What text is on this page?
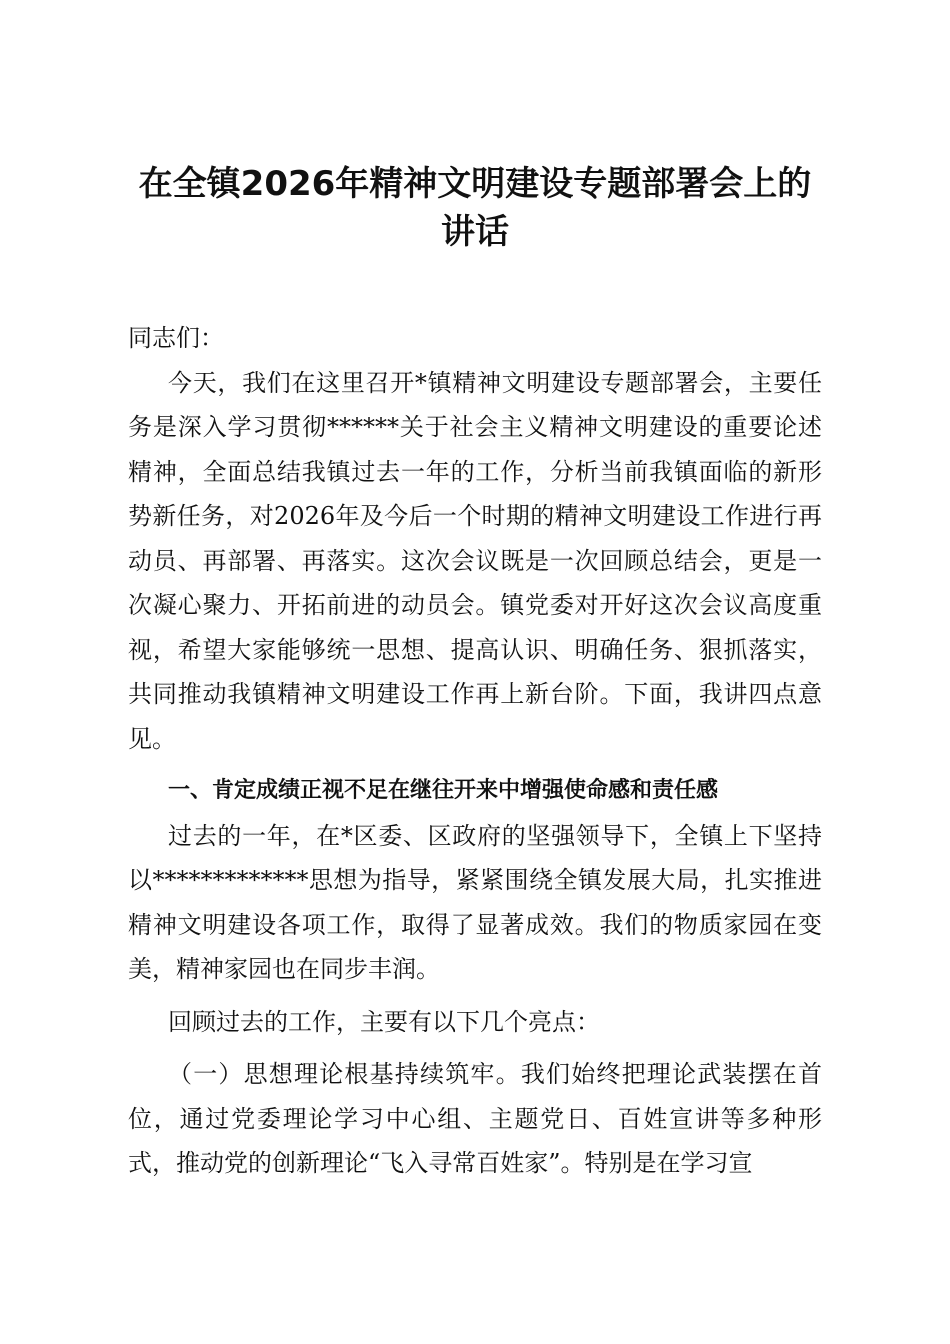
在全镇2026年精神文明建设专题部署会上的讲话

同志们：

今天，我们在这里召开*镇精神文明建设专题部署会，主要任务是深入学习贯彻******关于社会主义精神文明建设的重要论述精神，全面总结我镇过去一年的工作，分析当前我镇面临的新形势新任务，对2026年及今后一个时期的精神文明建设工作进行再动员、再部署、再落实。这次会议既是一次回顾总结会，更是一次凝心聚力、开拓前进的动员会。镇党委对开好这次会议高度重视，希望大家能够统一思想、提高认识、明确任务、狠抓落实，共同推动我镇精神文明建设工作再上新台阶。下面，我讲四点意见。

一、肯定成绩正视不足在继往开来中增强使命感和责任感

过去的一年，在*区委、区政府的坚强领导下，全镇上下坚持以*************思想为指导，紧紧围绕全镇发展大局，扎实推进精神文明建设各项工作，取得了显著成效。我们的物质家园在变美，精神家园也在同步丰润。

回顾过去的工作，主要有以下几个亮点：

（一）思想理论根基持续筑牢。我们始终把理论武装摆在首位，通过党委理论学习中心组、主题党日、百姓宣讲等多种形式，推动党的创新理论“飞入寻常百姓家”。特别是在学习宣
